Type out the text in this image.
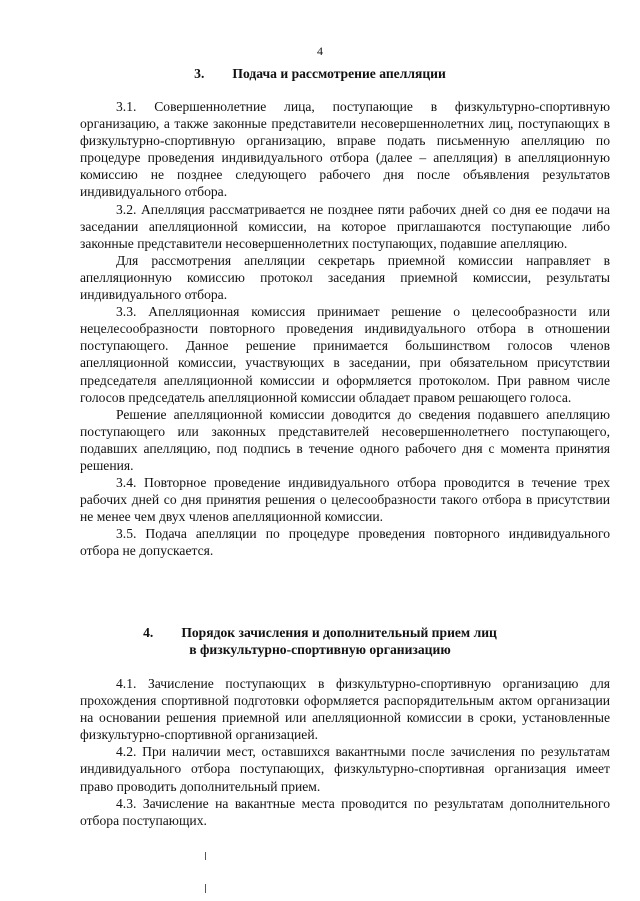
4
3. Подача и рассмотрение апелляции

3.1. Совершеннолетние лица, поступающие в физкультурно-спортивную организацию, а также законные представители несовершеннолетних лиц, поступающих в физкультурно-спортивную организацию, вправе подать письменную апелляцию по процедуре проведения индивидуального отбора (далее – апелляция) в апелляционную комиссию не позднее следующего рабочего дня после объявления результатов индивидуального отбора.

3.2. Апелляция рассматривается не позднее пяти рабочих дней со дня ее подачи на заседании апелляционной комиссии, на которое приглашаются поступающие либо законные представители несовершеннолетних поступающих, подавшие апелляцию.

Для рассмотрения апелляции секретарь приемной комиссии направляет в апелляционную комиссию протокол заседания приемной комиссии, результаты индивидуального отбора.

3.3. Апелляционная комиссия принимает решение о целесообразности или нецелесообразности повторного проведения индивидуального отбора в отношении поступающего. Данное решение принимается большинством голосов членов апелляционной комиссии, участвующих в заседании, при обязательном присутствии председателя апелляционной комиссии и оформляется протоколом. При равном числе голосов председатель апелляционной комиссии обладает правом решающего голоса.

Решение апелляционной комиссии доводится до сведения подавшего апелляцию поступающего или законных представителей несовершеннолетнего поступающего, подавших апелляцию, под подпись в течение одного рабочего дня с момента принятия решения.

3.4. Повторное проведение индивидуального отбора проводится в течение трех рабочих дней со дня принятия решения о целесообразности такого отбора в присутствии не менее чем двух членов апелляционной комиссии.

3.5. Подача апелляции по процедуре проведения повторного индивидуального отбора не допускается.

4. Порядок зачисления и дополнительный прием лиц
в физкультурно-спортивную организацию

4.1. Зачисление поступающих в физкультурно-спортивную организацию для прохождения спортивной подготовки оформляется распорядительным актом организации на основании решения приемной или апелляционной комиссии в сроки, установленные физкультурно-спортивной организацией.

4.2. При наличии мест, оставшихся вакантными после зачисления по результатам индивидуального отбора поступающих, физкультурно-спортивная организация имеет право проводить дополнительный прием.

4.3. Зачисление на вакантные места проводится по результатам дополнительного отбора поступающих.
